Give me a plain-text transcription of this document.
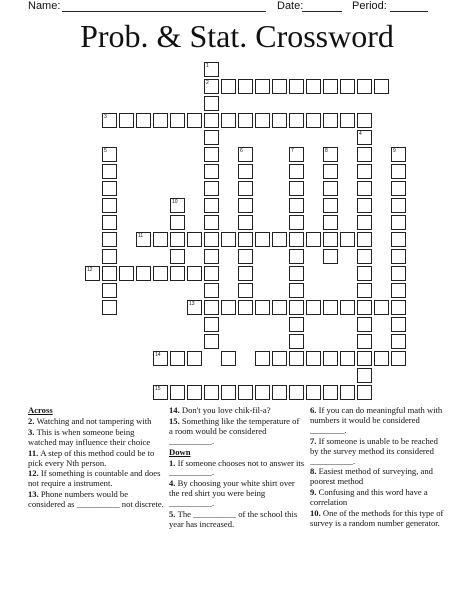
Name:	Date:	Period:
Prob. & Stat. Crossword
1
2
3
4
5	6	7	8	9
10
11
12
13
14
15

Across

2. Watching and not tampering with

3. This is when someone being watched may influence their choice

11. A step of this method could be to pick every Nth person.

12. If something is countable and does not require a instrument.

13. Phone numbers would be considered as __________ not discrete.

14. Don't you love chik-fil-a?

15. Something like the temperature of a room would be considered __________.

Down

1. If someone chooses not to answer its __________.

4. By choosing your white shirt over the red shirt you were being __________.

5. The __________ of the school this year has increased.

6. If you can do meaningful math with numbers it would be considered ________.

7. If someone is unable to be reached by the survey method its considered __________.

8. Easiest method of surveying, and poorest method

9. Confusing and this word have a correlation

10. One of the methods for this type of survey is a random number generator.
